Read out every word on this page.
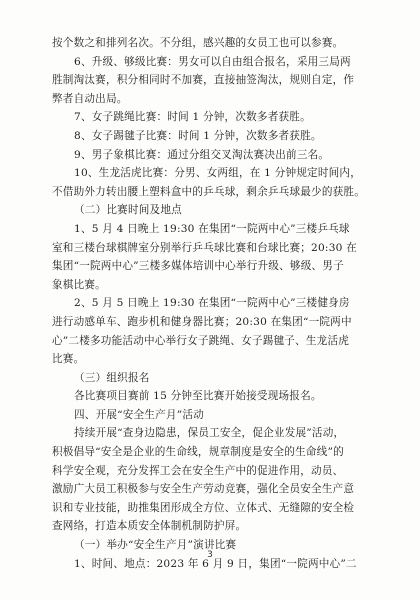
按个数之和排列名次。不分组，感兴趣的女员工也可以参赛。
6、升级、够级比赛：男女可以自由组合报名，采用三局两
胜制淘汰赛，积分相同时不加赛，直接抽签淘汰，规则自定，作
弊者自动出局。
7、女子跳绳比赛：时间 1 分钟，次数多者获胜。
8、女子踢毽子比赛：时间 1 分钟，次数多者获胜。
9、男子象棋比赛：通过分组交叉淘汰赛决出前三名。
10、生龙活虎比赛：分男、女两组，在 1 分钟规定时间内，
不借助外力转出腰上塑料盒中的乒乓球，剩余乒乓球最少的获胜。
（二）比赛时间及地点
1、5 月 4 日晚上 19:30 在集团“一院两中心”三楼乒乓球
室和三楼台球棋牌室分别举行乒乓球比赛和台球比赛；20:30 在
集团“一院两中心”三楼多媒体培训中心举行升级、够级、男子
象棋比赛。
2、5 月 5 日晚上 19:30 在集团“一院两中心”三楼健身房
进行动感单车、跑步机和健身器比赛；20:30 在集团“一院两中
心”二楼多功能活动中心举行女子跳绳、女子踢毽子、生龙活虎
比赛。
（三）组织报名
各比赛项目赛前 15 分钟至比赛开始接受现场报名。
四、开展“安全生产月”活动
持续开展“查身边隐患，保员工安全，促企业发展”活动，
积极倡导“安全是企业的生命线，规章制度是安全的生命线”的
科学安全观，充分发挥工会在安全生产中的促进作用，动员、
激励广大员工积极参与安全生产劳动竞赛，强化全员安全生产意
识和专业技能，助推集团形成全方位、立体式、无缝隙的安全检
查网络，打造本质安全体制机制防护屏。
（一）举办“安全生产月”演讲比赛
1、时间、地点：2023 年 6 月 9 日，集团“一院两中心”二
3
